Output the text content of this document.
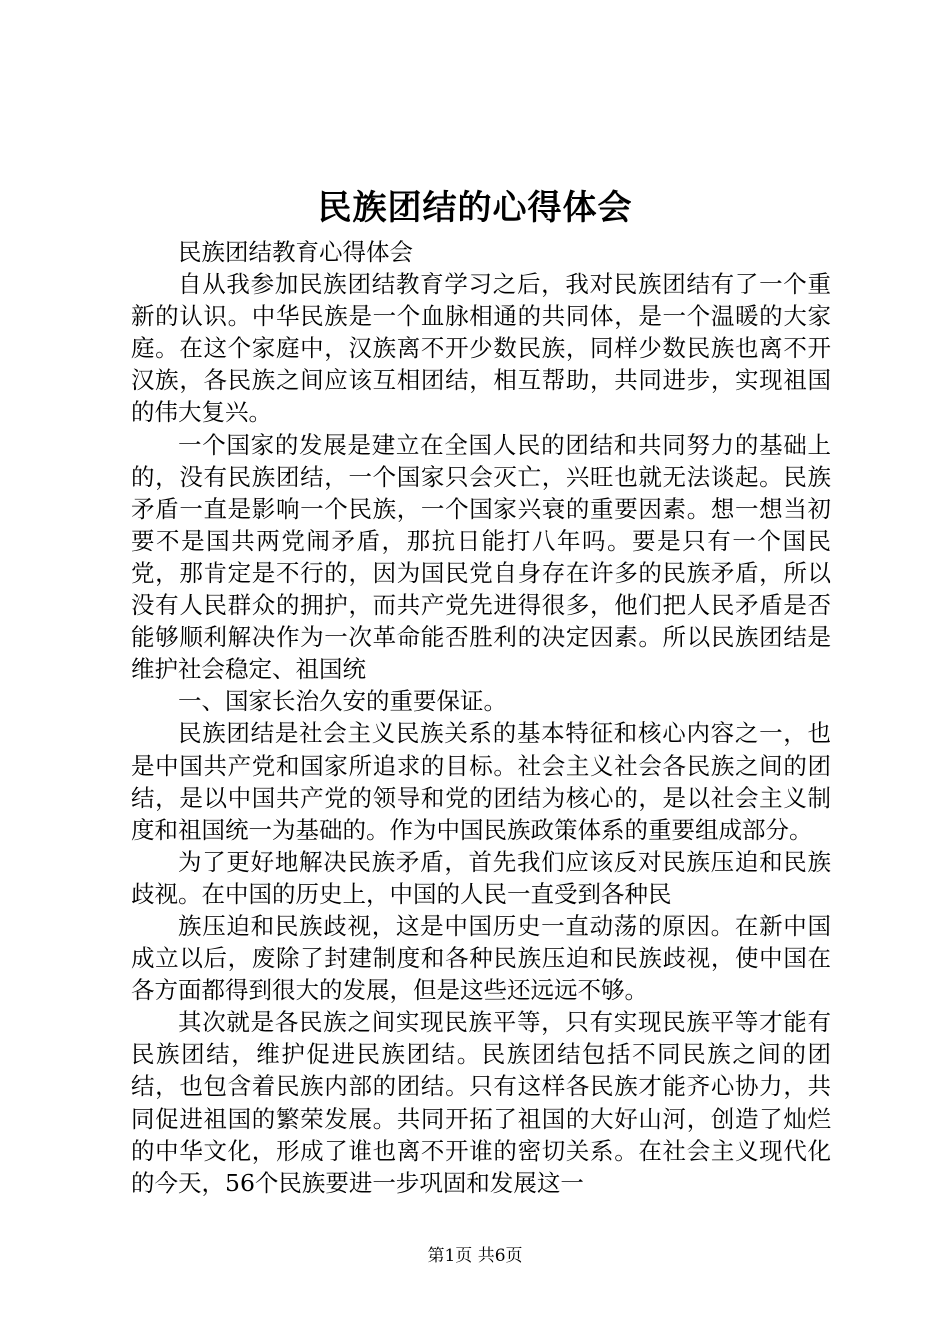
民族团结的心得体会

民族团结教育心得体会

自从我参加民族团结教育学习之后，我对民族团结有了一个重新的认识。中华民族是一个血脉相通的共同体，是一个温暖的大家庭。在这个家庭中，汉族离不开少数民族，同样少数民族也离不开汉族，各民族之间应该互相团结，相互帮助，共同进步，实现祖国的伟大复兴。

一个国家的发展是建立在全国人民的团结和共同努力的基础上的，没有民族团结，一个国家只会灭亡，兴旺也就无法谈起。民族矛盾一直是影响一个民族，一个国家兴衰的重要因素。想一想当初要不是国共两党闹矛盾，那抗日能打八年吗。要是只有一个国民党，那肯定是不行的，因为国民党自身存在许多的民族矛盾，所以没有人民群众的拥护，而共产党先进得很多，他们把人民矛盾是否能够顺利解决作为一次革命能否胜利的决定因素。所以民族团结是维护社会稳定、祖国统

一、国家长治久安的重要保证。

民族团结是社会主义民族关系的基本特征和核心内容之一，也是中国共产党和国家所追求的目标。社会主义社会各民族之间的团结，是以中国共产党的领导和党的团结为核心的，是以社会主义制度和祖国统一为基础的。作为中国民族政策体系的重要组成部分。

为了更好地解决民族矛盾，首先我们应该反对民族压迫和民族歧视。在中国的历史上，中国的人民一直受到各种民

族压迫和民族歧视，这是中国历史一直动荡的原因。在新中国成立以后，废除了封建制度和各种民族压迫和民族歧视，使中国在各方面都得到很大的发展，但是这些还远远不够。

其次就是各民族之间实现民族平等，只有实现民族平等才能有民族团结，维护促进民族团结。民族团结包括不同民族之间的团结，也包含着民族内部的团结。只有这样各民族才能齐心协力，共同促进祖国的繁荣发展。共同开拓了祖国的大好山河，创造了灿烂的中华文化，形成了谁也离不开谁的密切关系。在社会主义现代化的今天，56个民族要进一步巩固和发展这一

第1页 共6页
